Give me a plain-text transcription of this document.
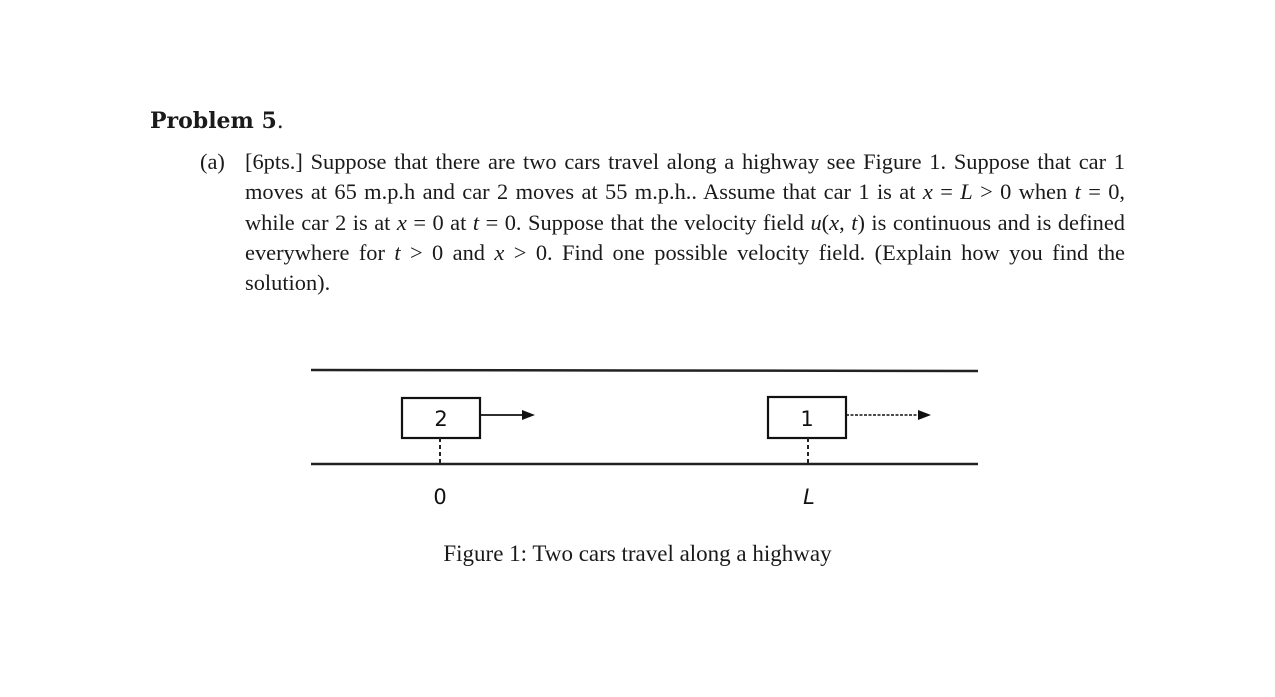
Problem 5.
(a) [6pts.] Suppose that there are two cars travel along a highway see Figure 1. Suppose that car 1 moves at 65 m.p.h and car 2 moves at 55 m.p.h.. Assume that car 1 is at x = L > 0 when t = 0, while car 2 is at x = 0 at t = 0. Suppose that the velocity field u(x, t) is continuous and is defined everywhere for t > 0 and x > 0. Find one possible velocity field. (Explain how you find the solution).
2
0
1
L
Figure 1: Two cars travel along a highway
